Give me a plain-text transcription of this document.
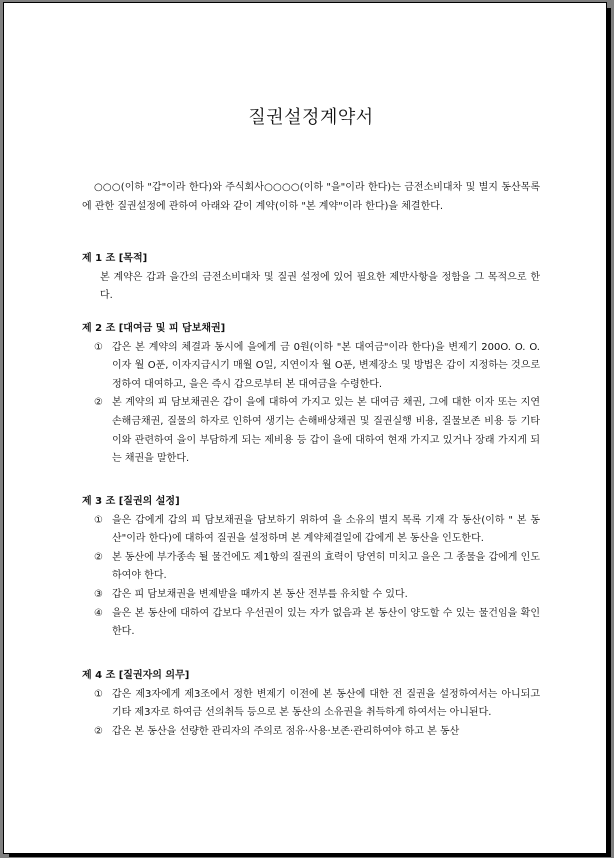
질권설정계약서
○○○(이하 "갑"이라 한다)와 주식회사○○○○(이하 "을"이라 한다)는 금전소비대차 및 별지 동산목록에 관한 질권설정에 관하여 아래와 같이 계약(이하 "본 계약"이라 한다)을 체결한다.
제 1 조 [목적]
본 계약은 갑과 을간의 금전소비대차 및 질권 설정에 있어 필요한 제반사항을 정함을 그 목적으로 한다.
제 2 조 [대여금 및 피 담보채권]
① 갑은 본 계약의 체결과 동시에 을에게 금 0원(이하 "본 대여금"이라 한다)을 변제기 200O. O. O. 이자 월 O푼, 이자지급시기 매월 O일, 지연이자 월 O푼, 변제장소 및 방법은 갑이 지정하는 것으로 정하여 대여하고, 을은 즉시 갑으로부터 본 대여금을 수령한다.
② 본 계약의 피 담보채권은 갑이 을에 대하여 가지고 있는 본 대여금 채권, 그에 대한 이자 또는 지연손해금채권, 질물의 하자로 인하여 생기는 손해배상채권 및 질권실행 비용, 질물보존 비용 등 기타 이와 관련하여 을이 부담하게 되는 제비용 등 갑이 을에 대하여 현재 가지고 있거나 장래 가지게 되는 채권을 말한다.
제 3 조 [질권의 설정]
① 을은 갑에게 갑의 피 담보채권을 담보하기 위하여 을 소유의 별지 목록 기재 각 동산(이하 " 본 동산"이라 한다)에 대하여 질권을 설정하며 본 계약체결일에 갑에게 본 동산을 인도한다.
② 본 동산에 부가종속 될 물건에도 제1항의 질권의 효력이 당연히 미치고 을은 그 종물을 갑에게 인도하여야 한다.
③ 갑은 피 담보채권을 변제받을 때까지 본 동산 전부를 유치할 수 있다.
④ 을은 본 동산에 대하여 갑보다 우선권이 있는 자가 없음과 본 동산이 양도할 수 있는 물건임을 확인한다.
제 4 조 [질권자의 의무]
① 갑은 제3자에게 제3조에서 정한 변제기 이전에 본 동산에 대한 전 질권을 설정하여서는 아니되고 기타 제3자로 하여금 선의취득 등으로 본 동산의 소유권을 취득하게 하여서는 아니된다.
② 갑은 본 동산을 선량한 관리자의 주의로 점유·사용·보존·관리하여야 하고 본 동산
